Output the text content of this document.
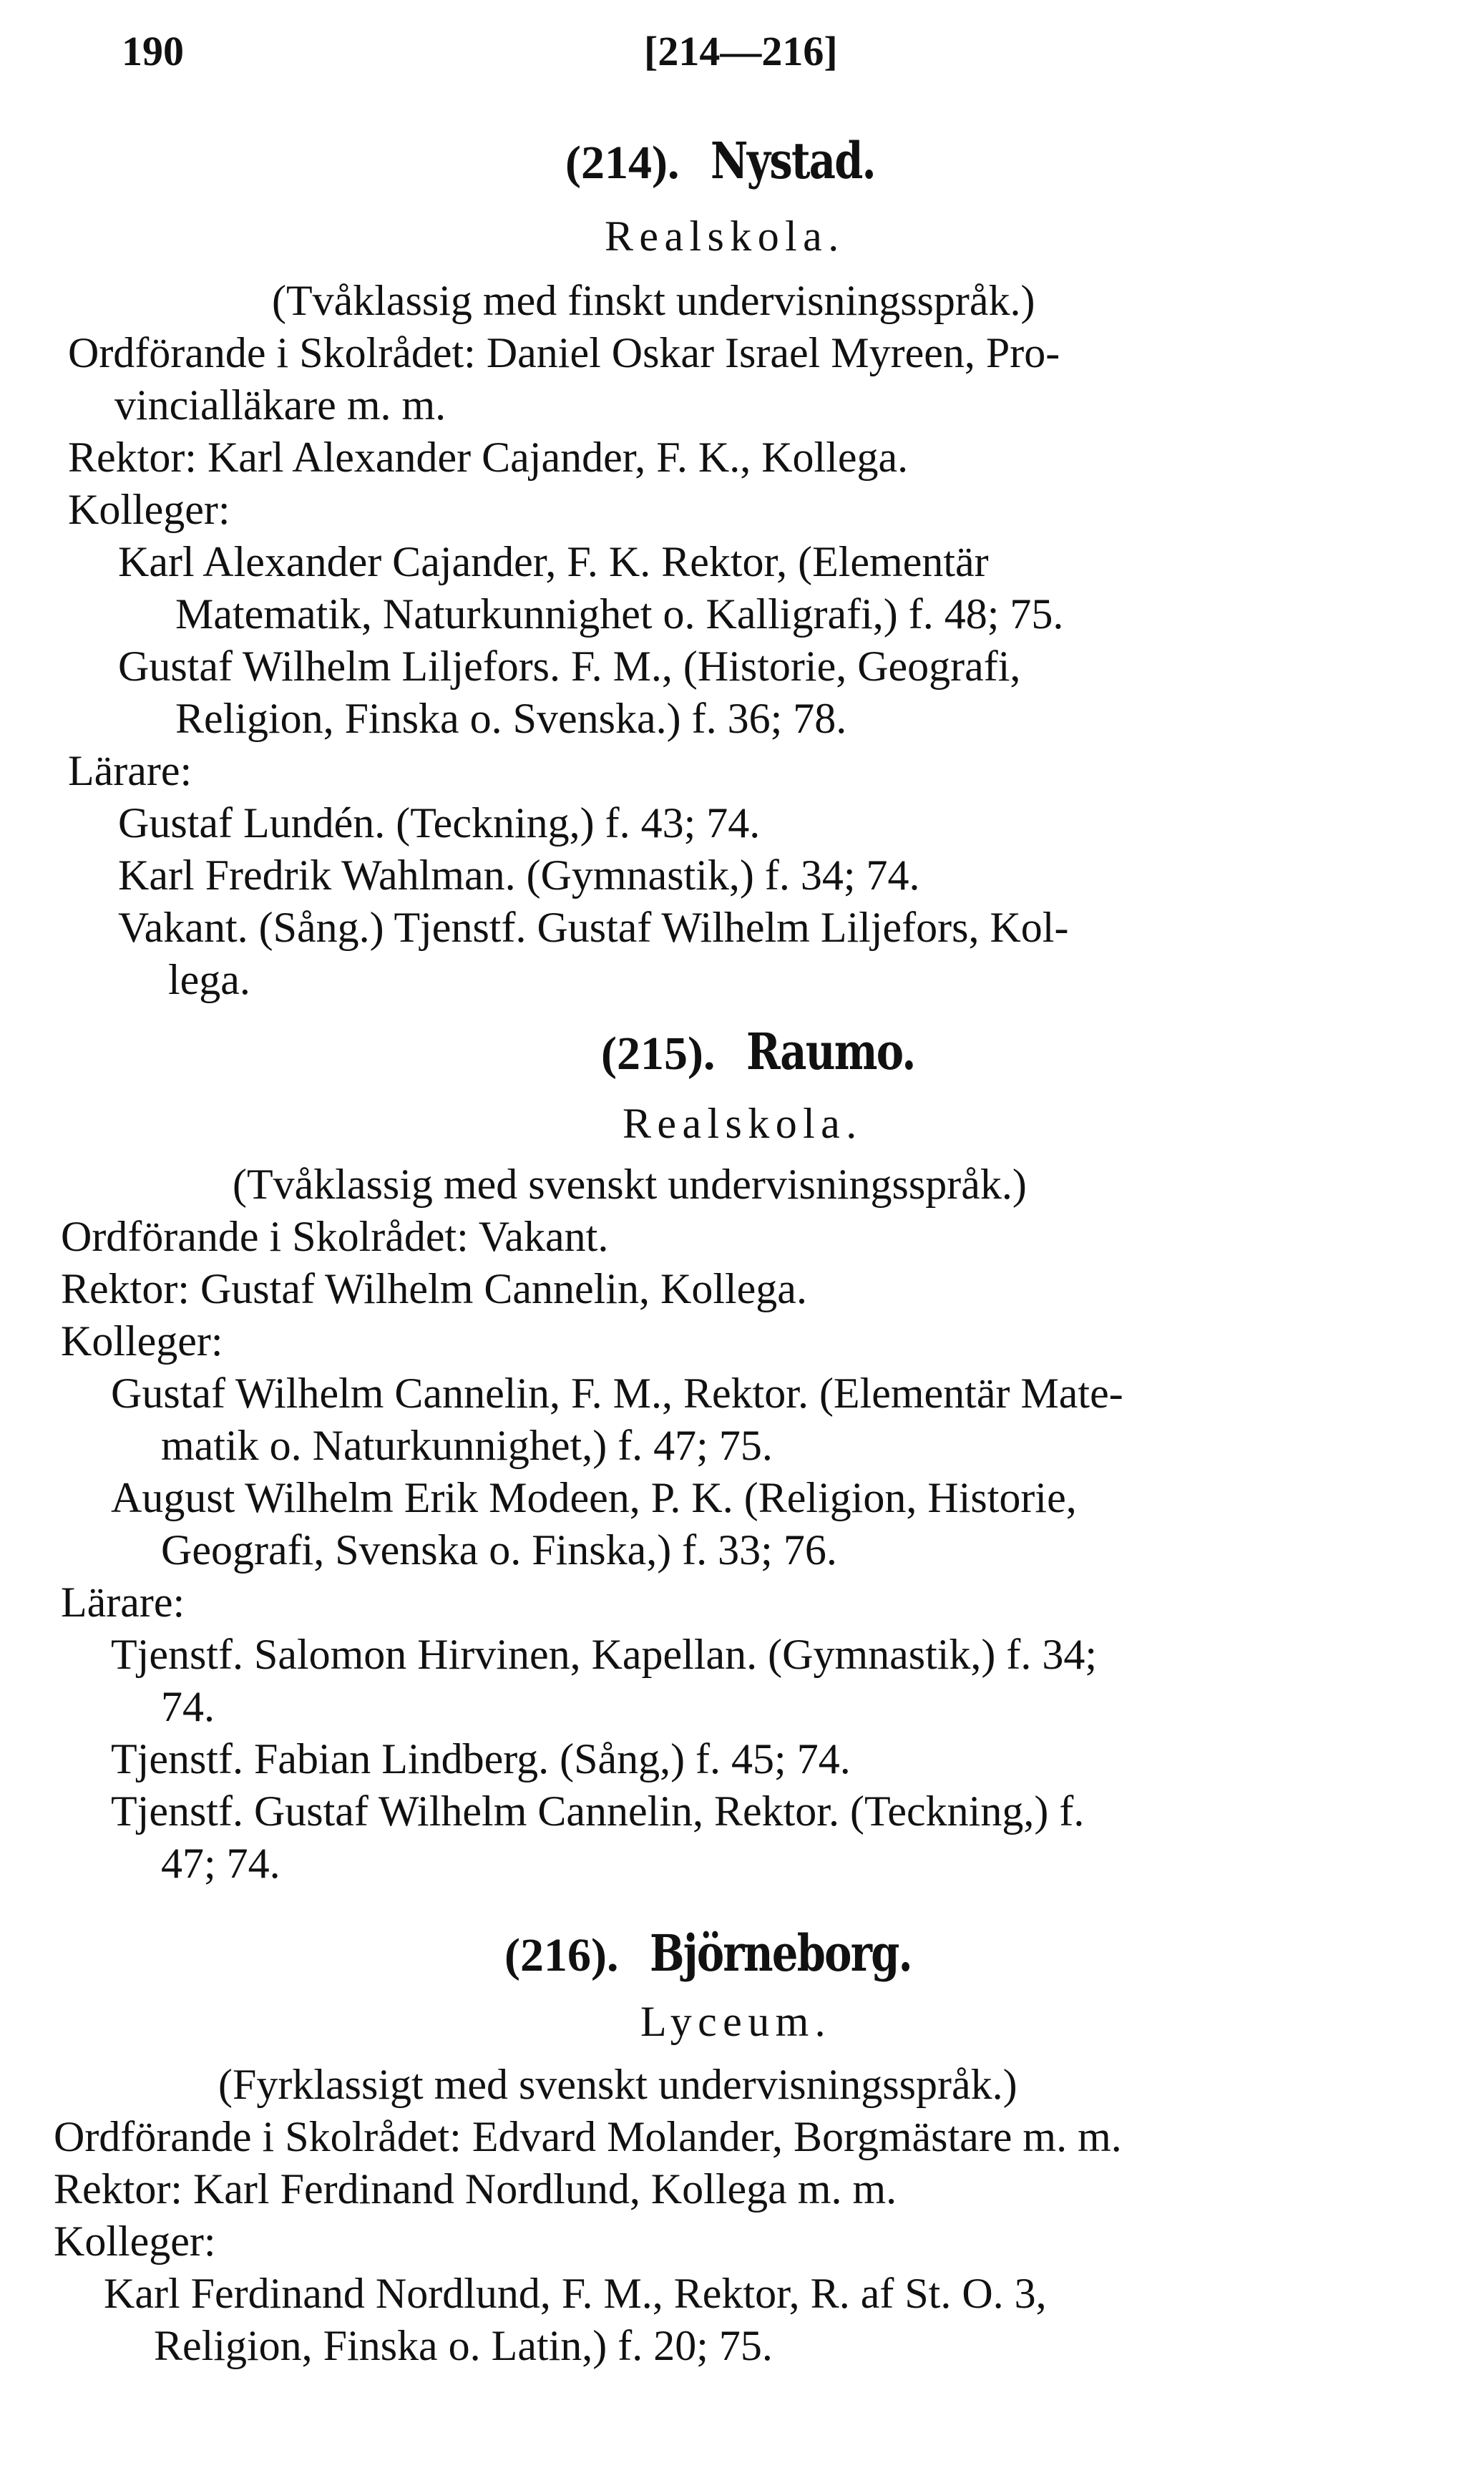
190	[214—216]
(214). Nystad.
Realskola.
(Tvåklassig med finskt undervisningsspråk.)
Ordförande i Skolrådet: Daniel Oskar Israel Myreen, Pro-
vincialläkare m. m.
Rektor: Karl Alexander Cajander, F. K., Kollega.
Kolleger:
Karl Alexander Cajander, F. K. Rektor, (Elementär
Matematik, Naturkunnighet o. Kalligrafi,) f. 48; 75.
Gustaf Wilhelm Liljefors. F. M., (Historie, Geografi,
Religion, Finska o. Svenska.) f. 36; 78.
Lärare:
Gustaf Lundén. (Teckning,) f. 43; 74.
Karl Fredrik Wahlman. (Gymnastik,) f. 34; 74.
Vakant. (Sång.) Tjenstf. Gustaf Wilhelm Liljefors, Kol-
lega.
(215). Raumo.
Realskola.
(Tvåklassig med svenskt undervisningsspråk.)
Ordförande i Skolrådet: Vakant.
Rektor: Gustaf Wilhelm Cannelin, Kollega.
Kolleger:
Gustaf Wilhelm Cannelin, F. M., Rektor. (Elementär Mate-
matik o. Naturkunnighet,) f. 47; 75.
August Wilhelm Erik Modeen, P. K. (Religion, Historie,
Geografi, Svenska o. Finska,) f. 33; 76.
Lärare:
Tjenstf. Salomon Hirvinen, Kapellan. (Gymnastik,) f. 34;
74.
Tjenstf. Fabian Lindberg. (Sång,) f. 45; 74.
Tjenstf. Gustaf Wilhelm Cannelin, Rektor. (Teckning,) f.
47; 74.
(216). Björneborg.
Lyceum.
(Fyrklassigt med svenskt undervisningsspråk.)
Ordförande i Skolrådet: Edvard Molander, Borgmästare m. m.
Rektor: Karl Ferdinand Nordlund, Kollega m. m.
Kolleger:
Karl Ferdinand Nordlund, F. M., Rektor, R. af St. O. 3,
Religion, Finska o. Latin,) f. 20; 75.
